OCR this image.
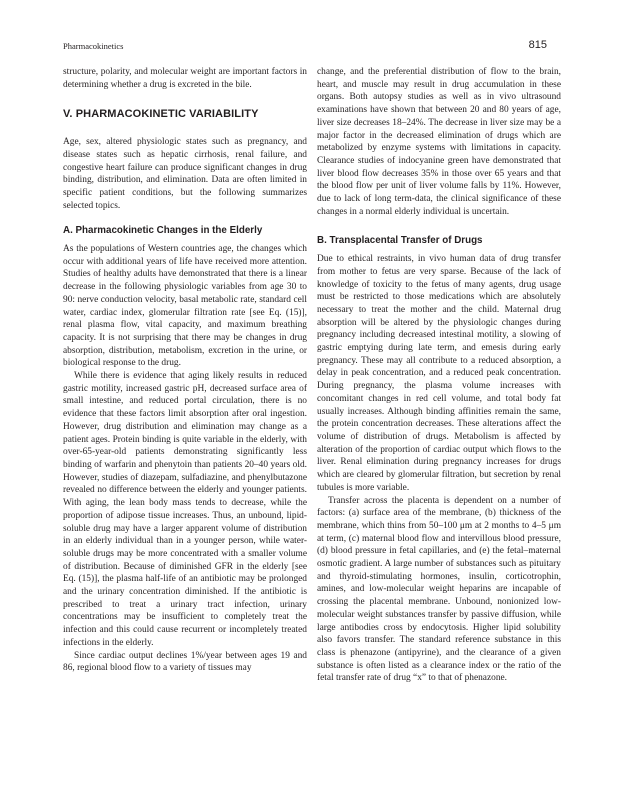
Pharmacokinetics	815

structure, polarity, and molecular weight are important factors in determining whether a drug is excreted in the bile.

V. PHARMACOKINETIC VARIABILITY

Age, sex, altered physiologic states such as pregnancy, and disease states such as hepatic cirrhosis, renal failure, and congestive heart failure can produce significant changes in drug binding, distribution, and elimination. Data are often limited in specific patient conditions, but the following summarizes selected topics.

A. Pharmacokinetic Changes in the Elderly

As the populations of Western countries age, the changes which occur with additional years of life have received more attention. Studies of healthy adults have demonstrated that there is a linear decrease in the following physiologic variables from age 30 to 90: nerve conduction velocity, basal metabolic rate, standard cell water, cardiac index, glomerular filtration rate [see Eq. (15)], renal plasma flow, vital capacity, and maximum breathing capacity. It is not surprising that there may be changes in drug absorption, distribution, metabolism, excretion in the urine, or biological response to the drug.

While there is evidence that aging likely results in reduced gastric motility, increased gastric pH, decreased surface area of small intestine, and reduced portal circulation, there is no evidence that these factors limit absorption after oral ingestion. However, drug distribution and elimination may change as a patient ages. Protein binding is quite variable in the elderly, with over-65-year-old patients demonstrating significantly less binding of warfarin and phenytoin than patients 20–40 years old. However, studies of diazepam, sulfadiazine, and phenylbutazone revealed no difference between the elderly and younger patients. With aging, the lean body mass tends to decrease, while the proportion of adipose tissue increases. Thus, an unbound, lipid-soluble drug may have a larger apparent volume of distribution in an elderly individual than in a younger person, while water-soluble drugs may be more concentrated with a smaller volume of distribution. Because of diminished GFR in the elderly [see Eq. (15)], the plasma half-life of an antibiotic may be prolonged and the urinary concentration diminished. If the antibiotic is prescribed to treat a urinary tract infection, urinary concentrations may be insufficient to completely treat the infection and this could cause recurrent or incompletely treated infections in the elderly.

Since cardiac output declines 1%/year between ages 19 and 86, regional blood flow to a variety of tissues may

change, and the preferential distribution of flow to the brain, heart, and muscle may result in drug accumulation in these organs. Both autopsy studies as well as in vivo ultrasound examinations have shown that between 20 and 80 years of age, liver size decreases 18–24%. The decrease in liver size may be a major factor in the decreased elimination of drugs which are metabolized by enzyme systems with limitations in capacity. Clearance studies of indocyanine green have demonstrated that liver blood flow decreases 35% in those over 65 years and that the blood flow per unit of liver volume falls by 11%. However, due to lack of long term-data, the clinical significance of these changes in a normal elderly individual is uncertain.

B. Transplacental Transfer of Drugs

Due to ethical restraints, in vivo human data of drug transfer from mother to fetus are very sparse. Because of the lack of knowledge of toxicity to the fetus of many agents, drug usage must be restricted to those medications which are absolutely necessary to treat the mother and the child. Maternal drug absorption will be altered by the physiologic changes during pregnancy including decreased intestinal motility, a slowing of gastric emptying during late term, and emesis during early pregnancy. These may all contribute to a reduced absorption, a delay in peak concentration, and a reduced peak concentration. During pregnancy, the plasma volume increases with concomitant changes in red cell volume, and total body fat usually increases. Although binding affinities remain the same, the protein concentration decreases. These alterations affect the volume of distribution of drugs. Metabolism is affected by alteration of the proportion of cardiac output which flows to the liver. Renal elimination during pregnancy increases for drugs which are cleared by glomerular filtration, but secretion by renal tubules is more variable.

Transfer across the placenta is dependent on a number of factors: (a) surface area of the membrane, (b) thickness of the membrane, which thins from 50–100 μm at 2 months to 4–5 μm at term, (c) maternal blood flow and intervillous blood pressure, (d) blood pressure in fetal capillaries, and (e) the fetal–maternal osmotic gradient. A large number of substances such as pituitary and thyroid-stimulating hormones, insulin, corticotrophin, amines, and low-molecular weight heparins are incapable of crossing the placental membrane. Unbound, nonionized low-molecular weight substances transfer by passive diffusion, while large antibodies cross by endocytosis. Higher lipid solubility also favors transfer. The standard reference substance in this class is phenazone (antipyrine), and the clearance of a given substance is often listed as a clearance index or the ratio of the fetal transfer rate of drug “x” to that of phenazone.
